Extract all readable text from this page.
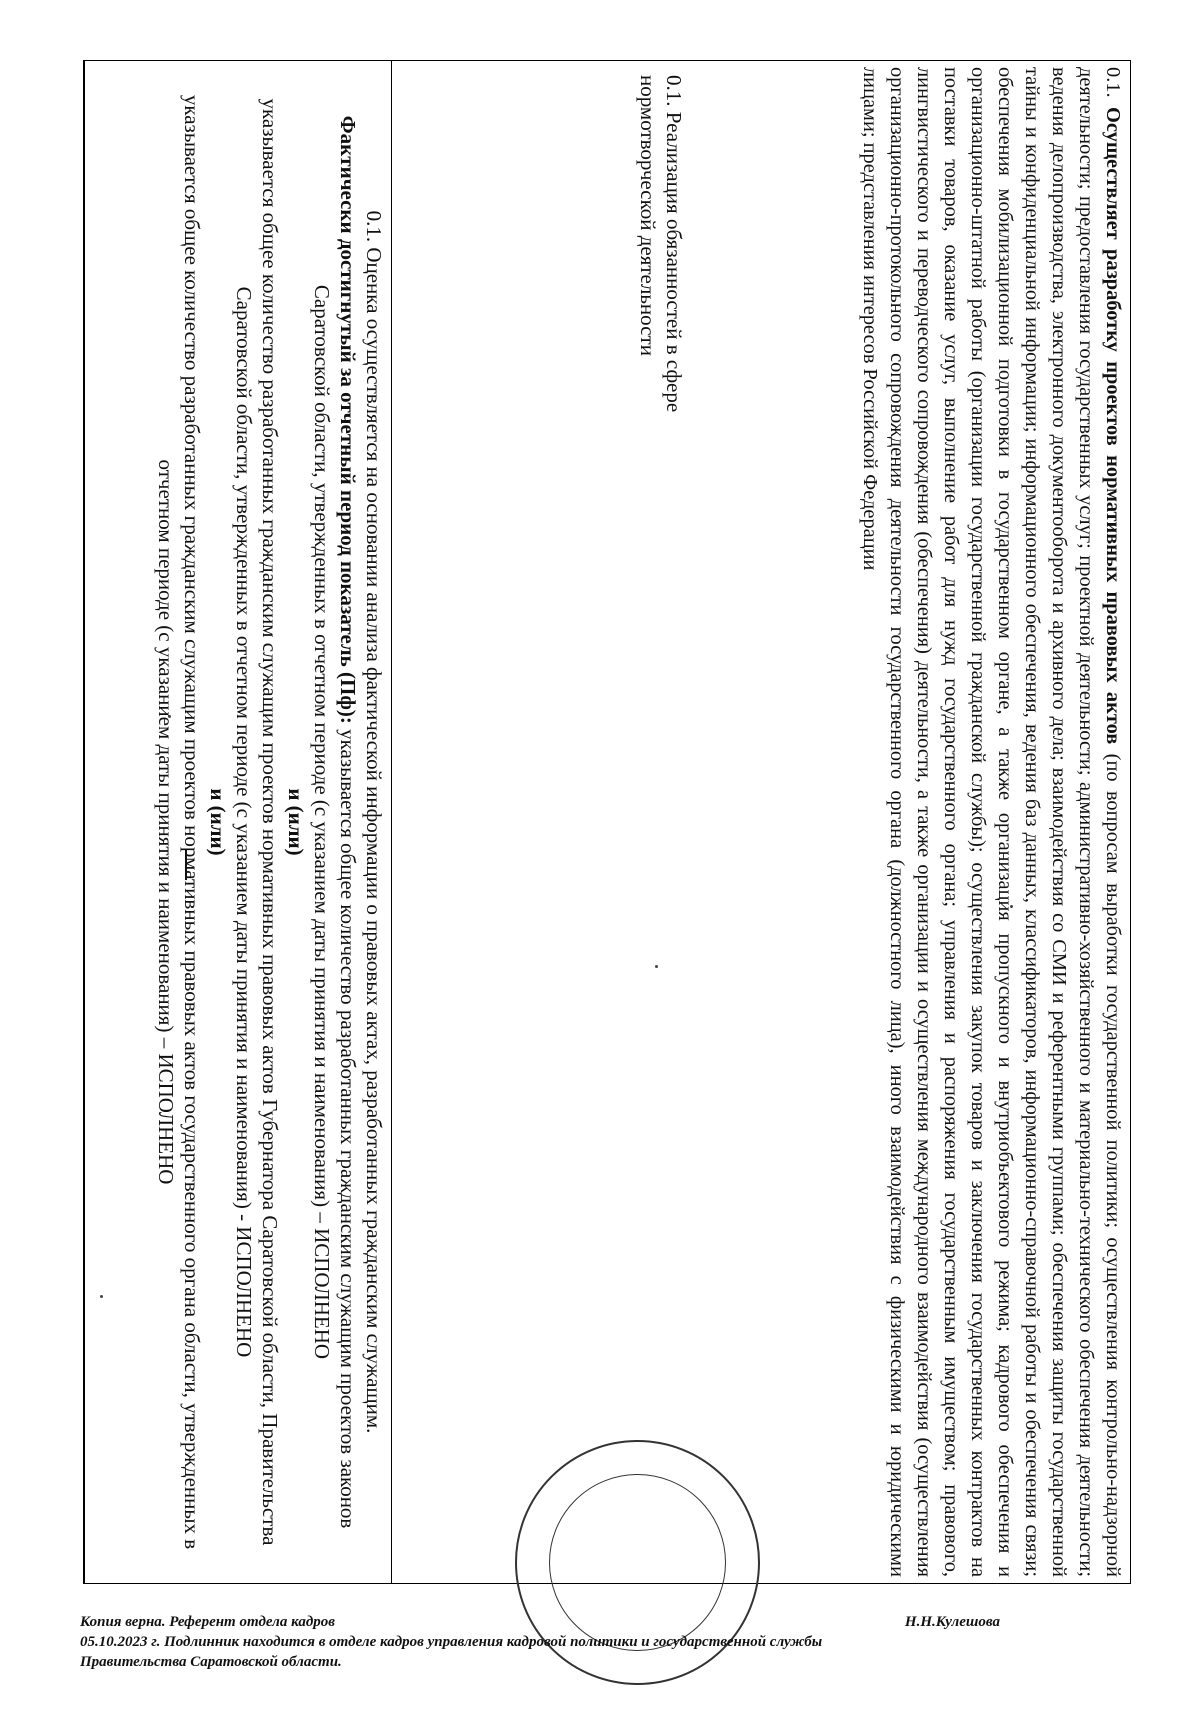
0.1. Оценка осуществляется на основании анализа фактической информации о правовых актах, разработанных гражданским служащим.
Фактически достигнутый за отчетный период показатель (Пф): указывается общее количество разработанных гражданским служащим проектов законов Саратовской области, утвержденных в отчетном периоде (с указанием даты принятия и наименования) – ИСПОЛНЕНО
и (или)
указывается общее количество разработанных гражданским служащим проектов нормативных правовых актов Губернатора Саратовской области, Правительства Саратовской области, утвержденных в отчетном периоде (с указанием даты принятия и наименования) - ИСПОЛНЕНО
и (или)
указывается общее количество разработанных гражданским служащим проектов нормативных правовых актов государственного органа области, утвержденных в отчетном периоде (с указанием даты принятия и наименования) – ИСПОЛНЕНО
0.1. Реализация обязанностей в сфере нормотворческой деятельности	0.1. Осуществляет разработку проектов нормативных правовых актов (по вопросам выработки государственной политики; осуществления контрольно-надзорной деятельности; предоставления государственных услуг; проектной деятельности; административно-хозяйственного и материально-технического обеспечения деятельности; ведения делопроизводства, электронного документооборота и архивного дела; взаимодействия со СМИ и референтными группами; обеспечения защиты государственной тайны и конфиденциальной информации; информационного обеспечения, ведения баз данных, классификаторов, информационно-справочной работы и обеспечения связи; обеспечения мобилизационной подготовки в государственном органе, а также организация пропускного и внутриобъектового режима; кадрового обеспечения и организационно-штатной работы (организации государственной гражданской службы); осуществления закупок товаров и заключения государственных контрактов на поставки товаров, оказание услуг, выполнение работ для нужд государственного органа; управления и распоряжения государственным имуществом; правового, лингвистического и переводческого сопровождения (обеспечения) деятельности, а также организации и осуществления международного взаимодействия (осуществления организационно-протокольного сопровождения деятельности государственного органа (должностного лица), иного взаимодействия с физическими и юридическими лицами; представления интересов Российской Федерации
Копия верна. Референт отдела кадров	Н.Н.Кулешова
05.10.2023 г. Подлинник находится в отделе кадров управления кадровой политики и государственной службы
Правительства Саратовской области.
